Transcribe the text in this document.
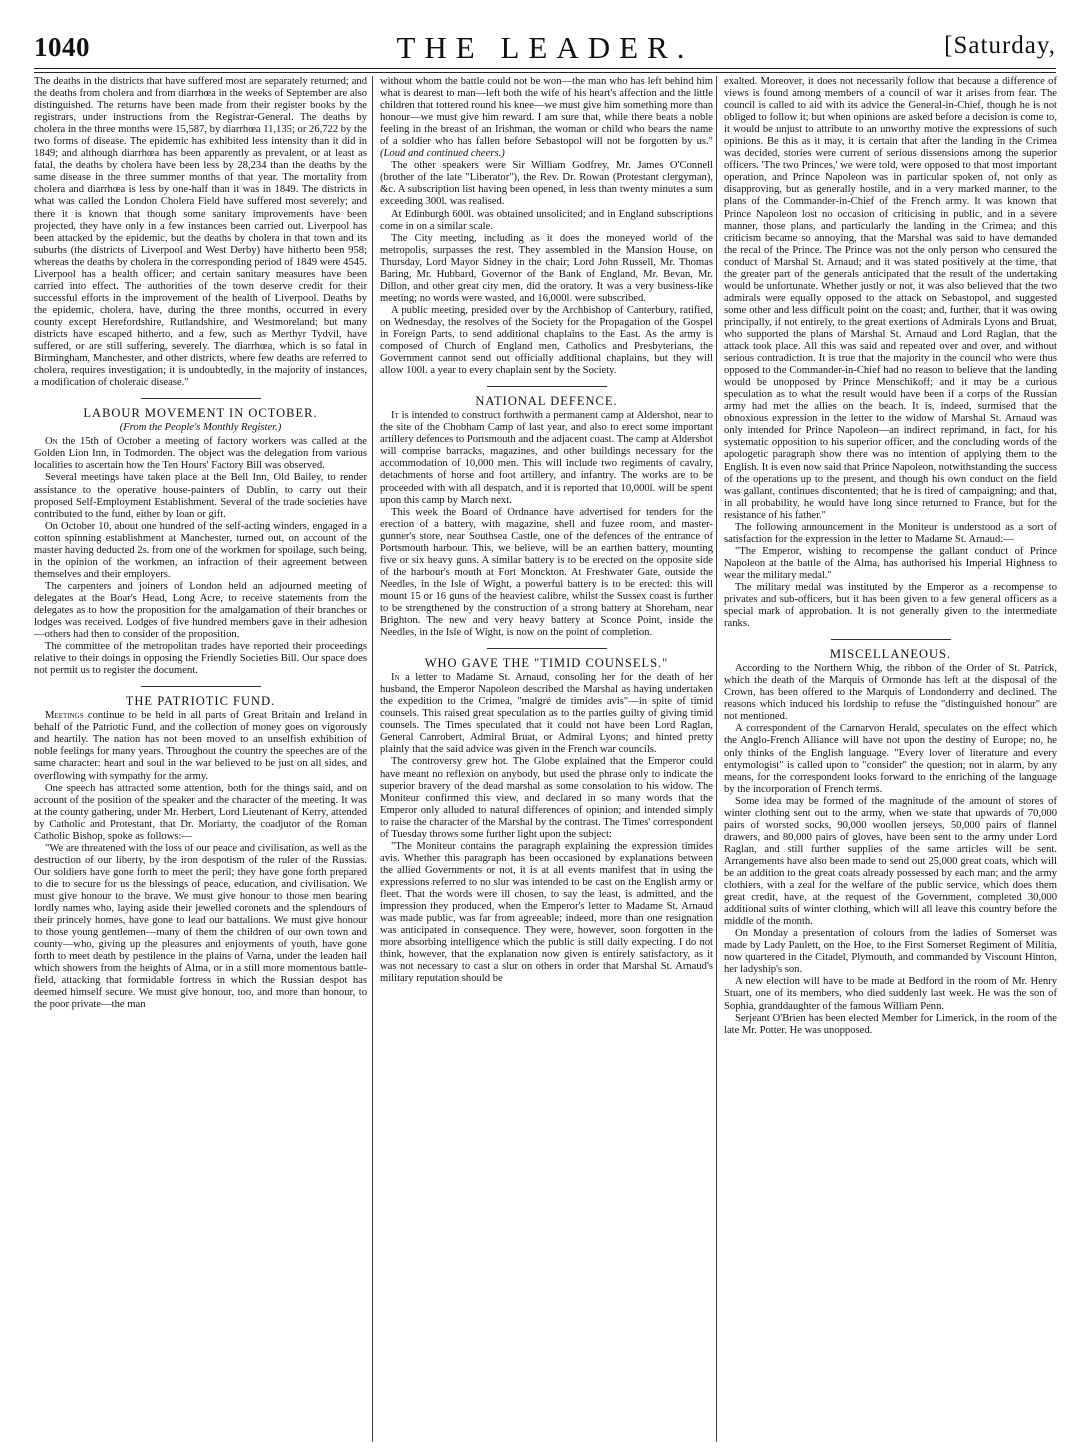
1040	THE LEADER.	[Saturday,

The deaths in the districts that have suffered most are separately returned; and the deaths from cholera and from diarrhœa in the weeks of September are also distinguished. The returns have been made from their register books by the registrars, under instructions from the Registrar-General. The deaths by cholera in the three months were 15,587, by diarrhœa 11,135; or 26,722 by the two forms of disease. The epidemic has exhibited less intensity than it did in 1849; and although diarrhœa has been apparently as prevalent, or at least as fatal, the deaths by cholera have been less by 28,234 than the deaths by the same disease in the three summer months of that year. The mortality from cholera and diarrhœa is less by one-half than it was in 1849. The districts in what was called the London Cholera Field have suffered most severely; and there it is known that though some sanitary improvements have been projected, they have only in a few instances been carried out. Liverpool has been attacked by the epidemic, but the deaths by cholera in that town and its suburbs (the districts of Liverpool and West Derby) have hitherto been 958; whereas the deaths by cholera in the corresponding period of 1849 were 4545. Liverpool has a health officer; and certain sanitary measures have been carried into effect. The authorities of the town deserve credit for their successful efforts in the improvement of the health of Liverpool. Deaths by the epidemic, cholera, have, during the three months, occurred in every county except Herefordshire, Rutlandshire, and Westmoreland; but many districts have escaped hitherto, and a few, such as Merthyr Tydvil, have suffered, or are still suffering, severely. The diarrhœa, which is so fatal in Birmingham, Manchester, and other districts, where few deaths are referred to cholera, requires investigation; it is undoubtedly, in the majority of instances, a modification of choleraic disease."

LABOUR MOVEMENT IN OCTOBER.
(From the People's Monthly Register.)

On the 15th of October a meeting of factory workers was called at the Golden Lion Inn, in Todmorden. The object was the delegation from various localities to ascertain how the Ten Hours' Factory Bill was observed.

Several meetings have taken place at the Bell Inn, Old Bailey, to render assistance to the operative house-painters of Dublin, to carry out their proposed Self-Employment Establishment. Several of the trade societies have contributed to the fund, either by loan or gift.

On October 10, about one hundred of the self-acting winders, engaged in a cotton spinning establishment at Manchester, turned out, on account of the master having deducted 2s. from one of the workmen for spoilage, such being, in the opinion of the workmen, an infraction of their agreement between themselves and their employers.

The carpenters and joiners of London held an adjourned meeting of delegates at the Boar's Head, Long Acre, to receive statements from the delegates as to how the proposition for the amalgamation of their branches or lodges was received. Lodges of five hundred members gave in their adhesion—others had then to consider of the proposition.

The committee of the metropolitan trades have reported their proceedings relative to their doings in opposing the Friendly Societies Bill. Our space does not permit us to register the document.

THE PATRIOTIC FUND.

Meetings continue to be held in all parts of Great Britain and Ireland in behalf of the Patriotic Fund, and the collection of money goes on vigorously and heartily. The nation has not been moved to an unselfish exhibition of noble feelings for many years. Throughout the country the speeches are of the same character: heart and soul in the war believed to be just on all sides, and overflowing with sympathy for the army.

One speech has attracted some attention, both for the things said, and on account of the position of the speaker and the character of the meeting. It was at the county gathering, under Mr. Herbert, Lord Lieutenant of Kerry, attended by Catholic and Protestant, that Dr. Moriarty, the coadjutor of the Roman Catholic Bishop, spoke as follows:—

"We are threatened with the loss of our peace and civilisation, as well as the destruction of our liberty, by the iron despotism of the ruler of the Russias. Our soldiers have gone forth to meet the peril; they have gone forth prepared to die to secure for us the blessings of peace, education, and civilisation. We must give honour to the brave. We must give honour to those men bearing lordly names who, laying aside their jewelled coronets and the splendours of their princely homes, have gone to lead our battalions. We must give honour to those young gentlemen—many of them the children of our own town and county—who, giving up the pleasures and enjoyments of youth, have gone forth to meet death by pestilence in the plains of Varna, under the leaden hail which showers from the heights of Alma, or in a still more momentous battle-field, attacking that formidable fortress in which the Russian despot has deemed himself secure. We must give honour, too, and more than honour, to the poor private—the man

without whom the battle could not be won—the man who has left behind him what is dearest to man—left both the wife of his heart's affection and the little children that tottered round his knee—we must give him something more than honour—we must give him reward. I am sure that, while there beats a noble feeling in the breast of an Irishman, the woman or child who bears the name of a soldier who has fallen before Sebastopol will not be forgotten by us." (Loud and continued cheers.)

The other speakers were Sir William Godfrey, Mr. James O'Connell (brother of the late "Liberator"), the Rev. Dr. Rowan (Protestant clergyman), &c. A subscription list having been opened, in less than twenty minutes a sum exceeding 300l. was realised.

At Edinburgh 600l. was obtained unsolicited; and in England subscriptions come in on a similar scale.

The City meeting, including as it does the moneyed world of the metropolis, surpasses the rest. They assembled in the Mansion House, on Thursday, Lord Mayor Sidney in the chair; Lord John Russell, Mr. Thomas Baring, Mr. Hubbard, Governor of the Bank of England, Mr. Bevan, Mr. Dillon, and other great city men, did the oratory. It was a very business-like meeting; no words were wasted, and 16,000l. were subscribed.

A public meeting, presided over by the Archbishop of Canterbury, ratified, on Wednesday, the resolves of the Society for the Propagation of the Gospel in Foreign Parts, to send additional chaplains to the East. As the army is composed of Church of England men, Catholics and Presbyterians, the Government cannot send out officially additional chaplains, but they will allow 100l. a year to every chaplain sent by the Society.

NATIONAL DEFENCE.

It is intended to construct forthwith a permanent camp at Aldershot, near to the site of the Chobham Camp of last year, and also to erect some important artillery defences to Portsmouth and the adjacent coast. The camp at Aldershot will comprise barracks, magazines, and other buildings necessary for the accommodation of 10,000 men. This will include two regiments of cavalry, detachments of horse and foot artillery, and infantry. The works are to be proceeded with with all despatch, and it is reported that 10,000l. will be spent upon this camp by March next.

This week the Board of Ordnance have advertised for tenders for the erection of a battery, with magazine, shell and fuzee room, and master-gunner's store, near Southsea Castle, one of the defences of the entrance of Portsmouth harbour. This, we believe, will be an earthen battery, mounting five or six heavy guns. A similar battery is to be erected on the opposite side of the harbour's mouth at Fort Monckton. At Freshwater Gate, outside the Needles, in the Isle of Wight, a powerful battery is to be erected: this will mount 15 or 16 guns of the heaviest calibre, whilst the Sussex coast is further to be strengthened by the construction of a strong battery at Shoreham, near Brighton. The new and very heavy battery at Sconce Point, inside the Needles, in the Isle of Wight, is now on the point of completion.

WHO GAVE THE "TIMID COUNSELS."

In a letter to Madame St. Arnaud, consoling her for the death of her husband, the Emperor Napoleon described the Marshal as having undertaken the expedition to the Crimea, "malgré de timides avis"—in spite of timid counsels. This raised great speculation as to the parties guilty of giving timid counsels. The Times speculated that it could not have been Lord Raglan, General Canrobert, Admiral Bruat, or Admiral Lyons; and hinted pretty plainly that the said advice was given in the French war councils.

The controversy grew hot. The Globe explained that the Emperor could have meant no reflexion on anybody, but used the phrase only to indicate the superior bravery of the dead marshal as some consolation to his widow. The Moniteur confirmed this view, and declared in so many words that the Emperor only alluded to natural differences of opinion; and intended simply to raise the character of the Marshal by the contrast. The Times' correspondent of Tuesday throws some further light upon the subject:

"The Moniteur contains the paragraph explaining the expression timides avis. Whether this paragraph has been occasioned by explanations between the allied Governments or not, it is at all events manifest that in using the expressions referred to no slur was intended to be cast on the English army or fleet. That the words were ill chosen, to say the least, is admitted, and the impression they produced, when the Emperor's letter to Madame St. Arnaud was made public, was far from agreeable; indeed, more than one resignation was anticipated in consequence. They were, however, soon forgotten in the more absorbing intelligence which the public is still daily expecting. I do not think, however, that the explanation now given is entirely satisfactory, as it was not necessary to cast a slur on others in order that Marshal St. Arnaud's military reputation should be

exalted. Moreover, it does not necessarily follow that because a difference of views is found among members of a council of war it arises from fear. The council is called to aid with its advice the General-in-Chief, though he is not obliged to follow it; but when opinions are asked before a decision is come to, it would be unjust to attribute to an unworthy motive the expressions of such opinions. Be this as it may, it is certain that after the landing in the Crimea was decided, stories were current of serious dissensions among the superior officers. 'The two Princes,' we were told, were opposed to that most important operation, and Prince Napoleon was in particular spoken of, not only as disapproving, but as generally hostile, and in a very marked manner, to the plans of the Commander-in-Chief of the French army. It was known that Prince Napoleon lost no occasion of criticising in public, and in a severe manner, those plans, and particularly the landing in the Crimea; and this criticism became so annoying, that the Marshal was said to have demanded the recal of the Prince. The Prince was not the only person who censured the conduct of Marshal St. Arnaud; and it was stated positively at the time, that the greater part of the generals anticipated that the result of the undertaking would be unfortunate. Whether justly or not, it was also believed that the two admirals were equally opposed to the attack on Sebastopol, and suggested some other and less difficult point on the coast; and, further, that it was owing principally, if not entirely, to the great exertions of Admirals Lyons and Bruat, who supported the plans of Marshal St. Arnaud and Lord Raglan, that the attack took place. All this was said and repeated over and over, and without serious contradiction. It is true that the majority in the council who were thus opposed to the Commander-in-Chief had no reason to believe that the landing would be unopposed by Prince Menschikoff; and it may be a curious speculation as to what the result would have been if a corps of the Russian army had met the allies on the beach. It is, indeed, surmised that the obnoxious expression in the letter to the widow of Marshal St. Arnaud was only intended for Prince Napoleon—an indirect reprimand, in fact, for his systematic opposition to his superior officer, and the concluding words of the apologetic paragraph show there was no intention of applying them to the English. It is even now said that Prince Napoleon, notwithstanding the success of the operations up to the present, and though his own conduct on the field was gallant, continues discontented; that he is tired of campaigning; and that, in all probability, he would have long since returned to France, but for the resistance of his father."

The following announcement in the Moniteur is understood as a sort of satisfaction for the expression in the letter to Madame St. Arnaud:—

"The Emperor, wishing to recompense the gallant conduct of Prince Napoleon at the battle of the Alma, has authorised his Imperial Highness to wear the military medal."

The military medal was instituted by the Emperor as a recompense to privates and sub-officers, but it has been given to a few general officers as a special mark of approbation. It is not generally given to the intermediate ranks.

MISCELLANEOUS.

According to the Northern Whig, the ribbon of the Order of St. Patrick, which the death of the Marquis of Ormonde has left at the disposal of the Crown, has been offered to the Marquis of Londonderry and declined. The reasons which induced his lordship to refuse the "distinguished honour" are not mentioned.

A correspondent of the Carnarvon Herald, speculates on the effect which the Anglo-French Alliance will have not upon the destiny of Europe; no, he only thinks of the English language. "Every lover of literature and every entymologist" is called upon to "consider" the question; not in alarm, by any means, for the correspondent looks forward to the enriching of the language by the incorporation of French terms.

Some idea may be formed of the magnitude of the amount of stores of winter clothing sent out to the army, when we state that upwards of 70,000 pairs of worsted socks, 90,000 woollen jerseys, 50,000 pairs of flannel drawers, and 80,000 pairs of gloves, have been sent to the army under Lord Raglan, and still further supplies of the same articles will be sent. Arrangements have also been made to send out 25,000 great coats, which will be an addition to the great coats already possessed by each man; and the army clothiers, with a zeal for the welfare of the public service, which does them great credit, have, at the request of the Government, completed 30,000 additional suits of winter clothing, which will all leave this country before the middle of the month.

On Monday a presentation of colours from the ladies of Somerset was made by Lady Paulett, on the Hoe, to the First Somerset Regiment of Militia, now quartered in the Citadel, Plymouth, and commanded by Viscount Hinton, her ladyship's son.

A new election will have to be made at Bedford in the room of Mr. Henry Stuart, one of its members, who died suddenly last week. He was the son of Sophia, granddaughter of the famous William Penn.

Serjeant O'Brien has been elected Member for Limerick, in the room of the late Mr. Potter. He was unopposed.
